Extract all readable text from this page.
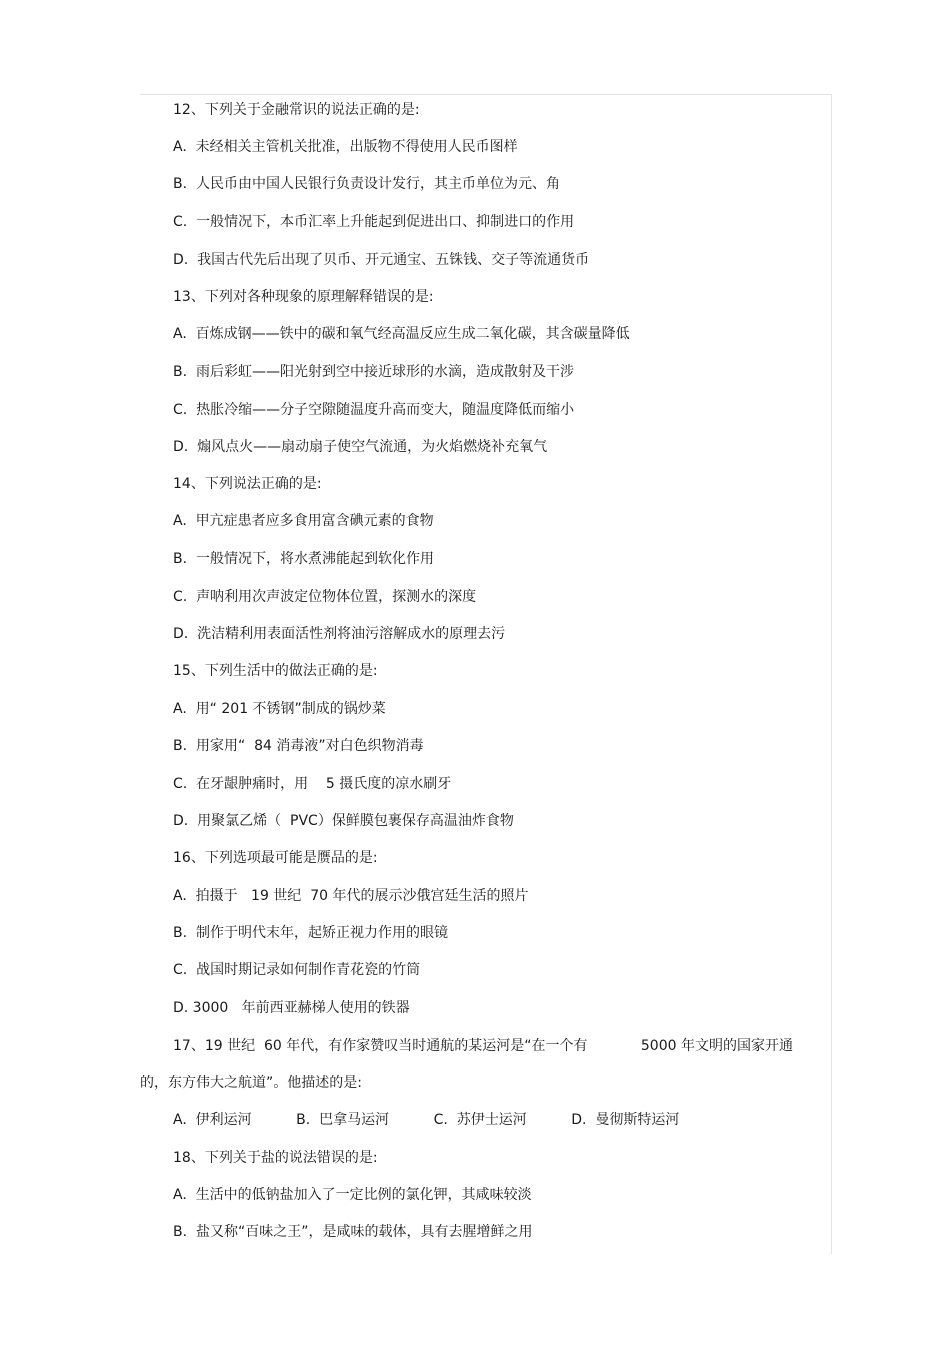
12、下列关于金融常识的说法正确的是:
A.  未经相关主管机关批准，出版物不得使用人民币图样
B.  人民币由中国人民银行负责设计发行，其主币单位为元、角
C.  一般情况下，本币汇率上升能起到促进出口、抑制进口的作用
D.  我国古代先后出现了贝币、开元通宝、五铢钱、交子等流通货币
13、下列对各种现象的原理解释错误的是:
A.  百炼成钢——铁中的碳和氧气经高温反应生成二氧化碳，其含碳量降低
B.  雨后彩虹——阳光射到空中接近球形的水滴，造成散射及干涉
C.  热胀冷缩——分子空隙随温度升高而变大，随温度降低而缩小
D.  煽风点火——扇动扇子使空气流通，为火焰燃烧补充氧气
14、下列说法正确的是:
A.  甲亢症患者应多食用富含碘元素的食物
B.  一般情况下，将水煮沸能起到软化作用
C.  声呐利用次声波定位物体位置，探测水的深度
D.  洗洁精利用表面活性剂将油污溶解成水的原理去污
15、下列生活中的做法正确的是:
A.  用“ 201 不锈钢”制成的锅炒菜
B.  用家用“  84 消毒液”对白色织物消毒
C.  在牙龈肿痛时，用    5 摄氏度的凉水刷牙
D.  用聚氯乙烯（  PVC）保鲜膜包裹保存高温油炸食物
16、下列选项最可能是赝品的是:
A.  拍摄于   19 世纪  70 年代的展示沙俄宫廷生活的照片
B.  制作于明代末年，起矫正视力作用的眼镜
C.  战国时期记录如何制作青花瓷的竹筒
D. 3000   年前西亚赫梯人使用的铁器
17、19 世纪  60 年代，有作家赞叹当时通航的某运河是“在一个有            5000 年文明的国家开通
的，东方伟大之航道”。他描述的是:
A.  伊利运河          B.  巴拿马运河          C.  苏伊士运河          D.  曼彻斯特运河
18、下列关于盐的说法错误的是:
A.  生活中的低钠盐加入了一定比例的氯化钾，其咸味较淡
B.  盐又称“百味之王”，是咸味的载体，具有去腥增鲜之用
